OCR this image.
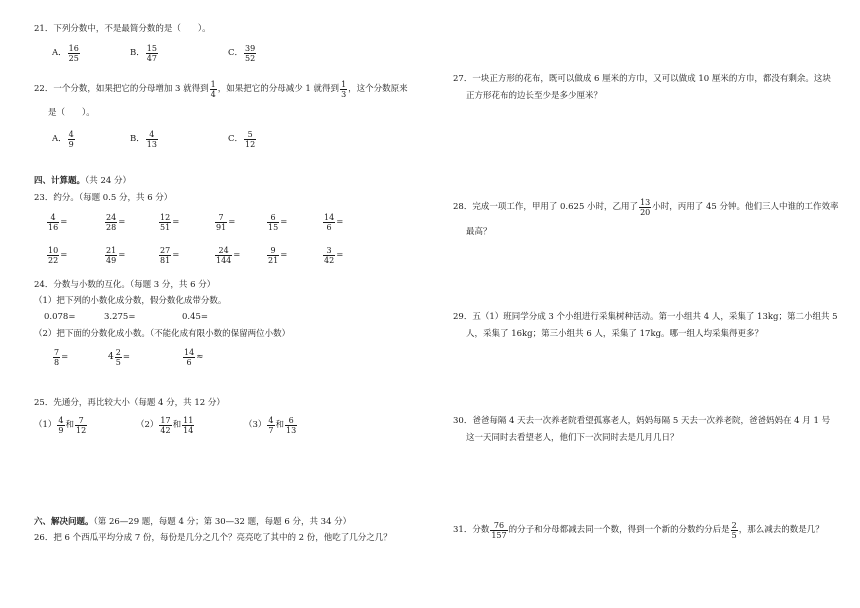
21．下列分数中，不是最简分数的是（　　）。
A． $\frac{16}{25}$	B． $\frac{15}{47}$	C． $\frac{39}{52}$
22．一个分数，如果把它的分母增加 3 就得到 $\frac{1}{4}$ ，如果把它的分母减少 1 就得到 $\frac{1}{3}$ ，这个分数原来
是（　　）。
A． $\frac{4}{9}$	B． $\frac{4}{13}$	C． $\frac{5}{12}$
四、计算题。（共 24 分）
23．约分。（每题 0.5 分，共 6 分）
$\frac{4}{16}$ =	$\frac{24}{28}$ =	$\frac{12}{51}$ =	$\frac{7}{91}$ =	$\frac{6}{15}$ =	$\frac{14}{6}$ =
$\frac{10}{22}$ =	$\frac{21}{49}$ =	$\frac{27}{81}$ =	$\frac{24}{144}$ =	$\frac{9}{21}$ =	$\frac{3}{42}$ =
24．分数与小数的互化。（每题 3 分，共 6 分）
（1）把下列的小数化成分数，假分数化成带分数。
0.078=	3.275=	0.45=
（2）把下面的分数化成小数。（不能化成有限小数的保留两位小数）
$\frac{7}{8}$ =	$4 \frac{2}{5}$ =	$\frac{14}{6}$ ≈
25．先通分，再比较大小（每题 4 分，共 12 分）
$(1) \frac{4}{9}$ 和 $\frac{7}{12}$	$(2) \frac{17}{42}$ 和 $\frac{11}{14}$	$(3) \frac{4}{7}$ 和 $\frac{6}{13}$
六、解决问题。（第 26—29 题，每题 4 分；第 30—32 题，每题 6 分，共 34 分）
26．把 6 个西瓜平均分成 7 份，每份是几分之几个？亮亮吃了其中的 2 份，他吃了几分之几？
27．一块正方形的花布，既可以做成 6 厘米的方巾，又可以做成 10 厘米的方巾，都没有剩余。这块
正方形花布的边长至少是多少厘米？
28．完成一项工作，甲用了 0.625 小时，乙用了 $\frac{13}{20}$ 小时，丙用了 45 分钟。他们三人中谁的工作效率
最高？
29．五（1）班同学分成 3 个小组进行采集树种活动。第一小组共 4 人，采集了 13kg；第二小组共 5
人，采集了 16kg；第三小组共 6 人，采集了 17kg。哪一组人均采集得更多？
30．爸爸每隔 4 天去一次养老院看望孤寡老人，妈妈每隔 5 天去一次养老院，爸爸妈妈在 4 月 1 号
这一天同时去看望老人，他们下一次同时去是几月几日？
31．分数 $\frac{76}{157}$ 的分子和分母都减去同一个数，得到一个新的分数约分后是 $\frac{2}{5}$ ，那么减去的数是几？
